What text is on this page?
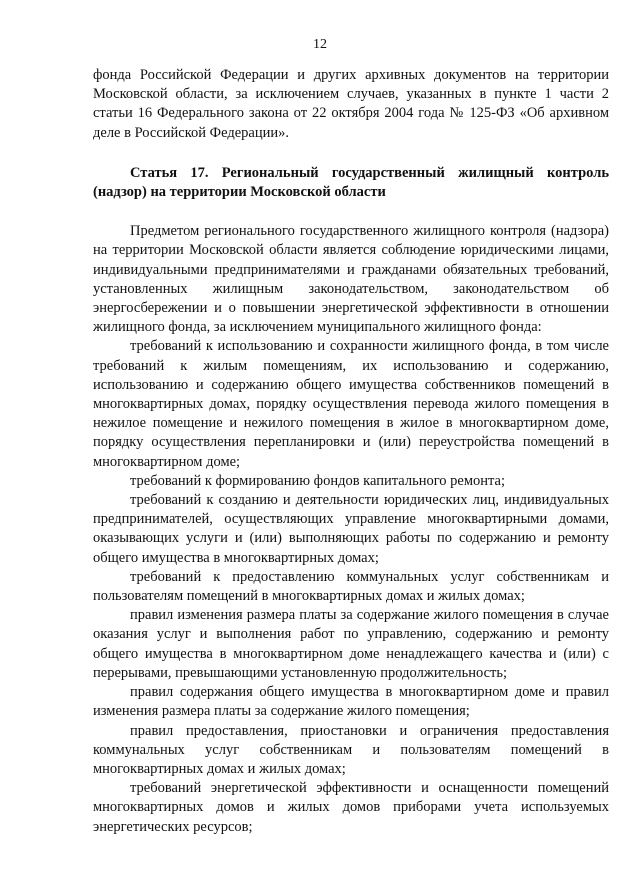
12

фонда Российской Федерации и других архивных документов на территории Московской области, за исключением случаев, указанных в пункте 1 части 2 статьи 16 Федерального закона от 22 октября 2004 года № 125-ФЗ «Об архивном деле в Российской Федерации».

Статья 17. Региональный государственный жилищный контроль (надзор) на территории Московской области

Предметом регионального государственного жилищного контроля (надзора) на территории Московской области является соблюдение юридическими лицами, индивидуальными предпринимателями и гражданами обязательных требований, установленных жилищным законодательством, законодательством об энергосбережении и о повышении энергетической эффективности в отношении жилищного фонда, за исключением муниципального жилищного фонда:

требований к использованию и сохранности жилищного фонда, в том числе требований к жилым помещениям, их использованию и содержанию, использованию и содержанию общего имущества собственников помещений в многоквартирных домах, порядку осуществления перевода жилого помещения в нежилое помещение и нежилого помещения в жилое в многоквартирном доме, порядку осуществления перепланировки и (или) переустройства помещений в многоквартирном доме;

требований к формированию фондов капитального ремонта;

требований к созданию и деятельности юридических лиц, индивидуальных предпринимателей, осуществляющих управление многоквартирными домами, оказывающих услуги и (или) выполняющих работы по содержанию и ремонту общего имущества в многоквартирных домах;

требований к предоставлению коммунальных услуг собственникам и пользователям помещений в многоквартирных домах и жилых домах;

правил изменения размера платы за содержание жилого помещения в случае оказания услуг и выполнения работ по управлению, содержанию и ремонту общего имущества в многоквартирном доме ненадлежащего качества и (или) с перерывами, превышающими установленную продолжительность;

правил содержания общего имущества в многоквартирном доме и правил изменения размера платы за содержание жилого помещения;

правил предоставления, приостановки и ограничения предоставления коммунальных услуг собственникам и пользователям помещений в многоквартирных домах и жилых домах;

требований энергетической эффективности и оснащенности помещений многоквартирных домов и жилых домов приборами учета используемых энергетических ресурсов;
